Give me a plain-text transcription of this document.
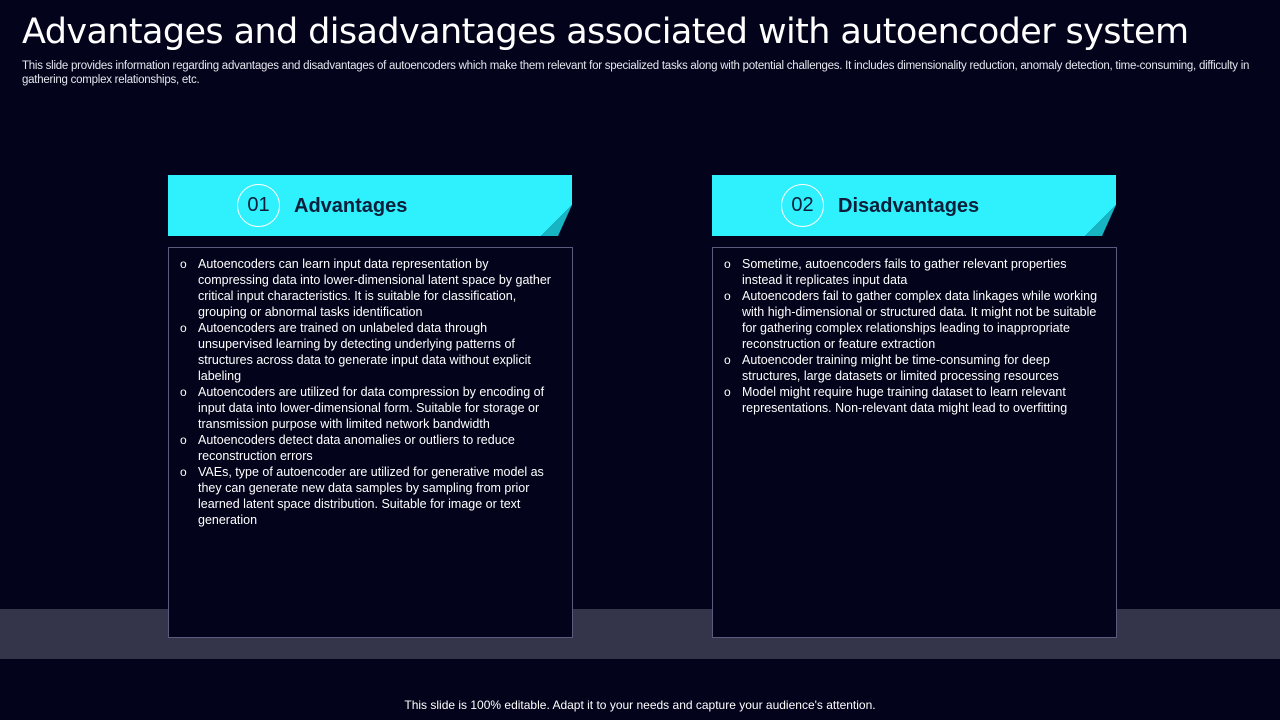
Advantages and disadvantages associated with autoencoder system

This slide provides information regarding advantages and disadvantages of autoencoders which make them relevant for specialized tasks along with potential challenges. It includes dimensionality reduction, anomaly detection, time-consuming, difficulty in gathering complex relationships, etc.

01	Advantages
o Autoencoders can learn input data representation by compressing data into lower-dimensional latent space by gather critical input characteristics. It is suitable for classification, grouping or abnormal tasks identification
o Autoencoders are trained on unlabeled data through unsupervised learning by detecting underlying patterns of structures across data to generate input data without explicit labeling
o Autoencoders are utilized for data compression by encoding of input data into lower-dimensional form. Suitable for storage or transmission purpose with limited network bandwidth
o Autoencoders detect data anomalies or outliers to reduce reconstruction errors
o VAEs, type of autoencoder are utilized for generative model as they can generate new data samples by sampling from prior learned latent space distribution. Suitable for image or text generation
02	Disadvantages
o Sometime, autoencoders fails to gather relevant properties instead it replicates input data
o Autoencoders fail to gather complex data linkages while working with high-dimensional or structured data. It might not be suitable for gathering complex relationships leading to inappropriate reconstruction or feature extraction
o Autoencoder training might be time-consuming for deep structures, large datasets or limited processing resources
o Model might require huge training dataset to learn relevant representations. Non-relevant data might lead to overfitting
This slide is 100% editable. Adapt it to your needs and capture your audience's attention.
